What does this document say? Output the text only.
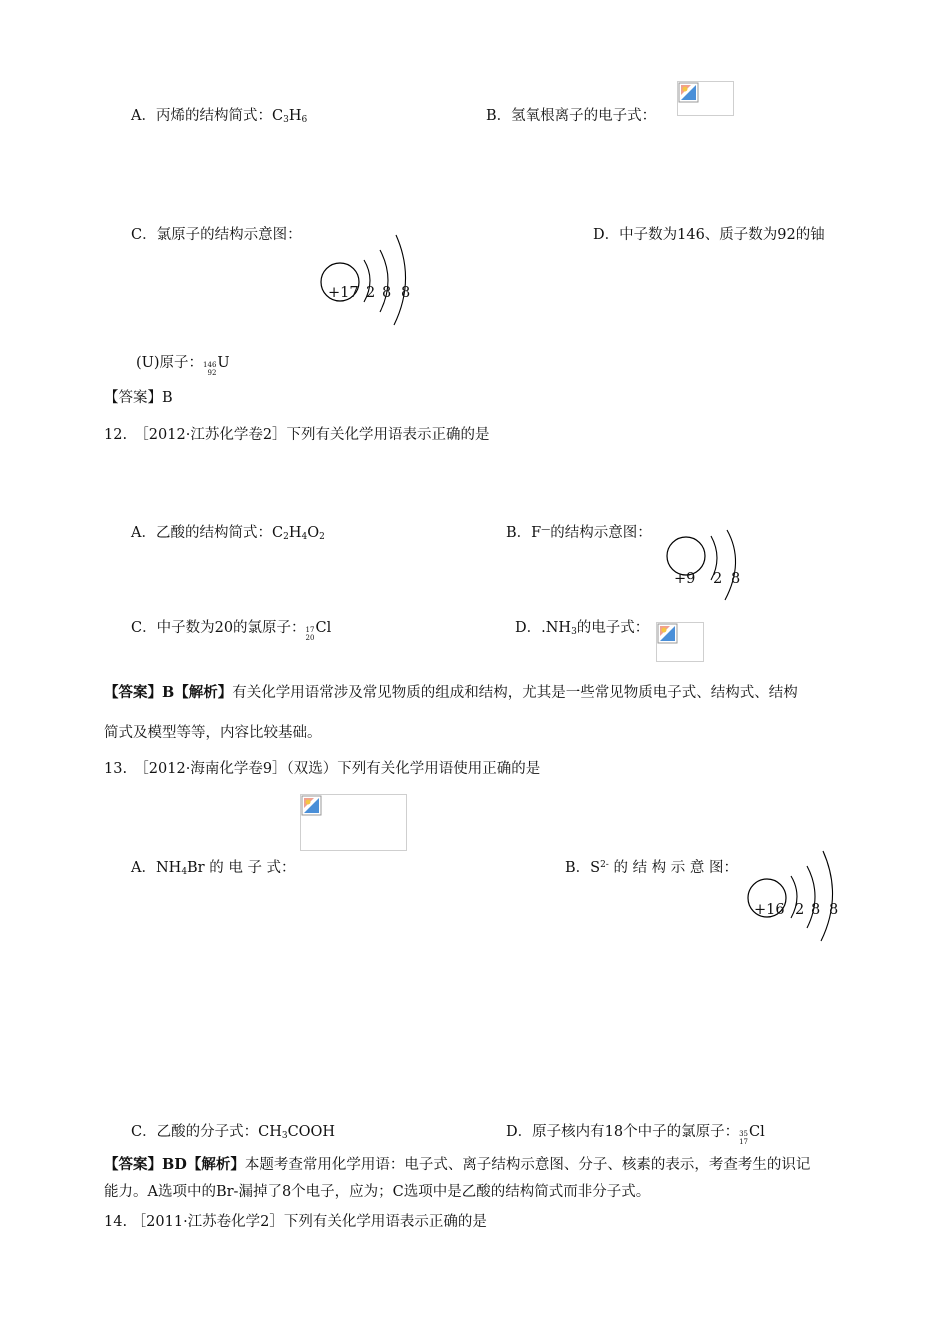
A．丙烯的结构简式：$C_3H_6$	B．氢氧根离子的电子式：
C．氯原子的结构示意图：
+17 2 8 8
D．中子数为146、质子数为92的铀
(U)原子： 146
92
U
【答案】B
12.　［2012·江苏化学卷2］下列有关化学用语表示正确的是
A．乙酸的结构简式：$C_2H_4O_2$	B．F—的结构示意图：
+9 2 8
C．中子数为20的氯原子： 17
20
Cl	D．$.NH_3$的电子式：
【答案】B【解析】有关化学用语常涉及常见物质的组成和结构，尤其是一些常见物质电子式、结构式、结构
简式及模型等等，内容比较基础。
13.　［2012·海南化学卷9］（双选）下列有关化学用语使用正确的是
A．$NH_4Br$ 的 电 子 式：	B．$S^{2-}$ 的 结 构 示 意 图：
+16 2 8 8
C．乙酸的分子式：$CH_3COOH$	D．原子核内有18个中子的氯原子： 35
17
Cl
【答案】BD【解析】本题考查常用化学用语：电子式、离子结构示意图、分子、核素的表示，考查考生的识记
能力。A选项中的Br-漏掉了8个电子，应为；C选项中是乙酸的结构简式而非分子式。
14. ［2011·江苏卷化学2］下列有关化学用语表示正确的是
